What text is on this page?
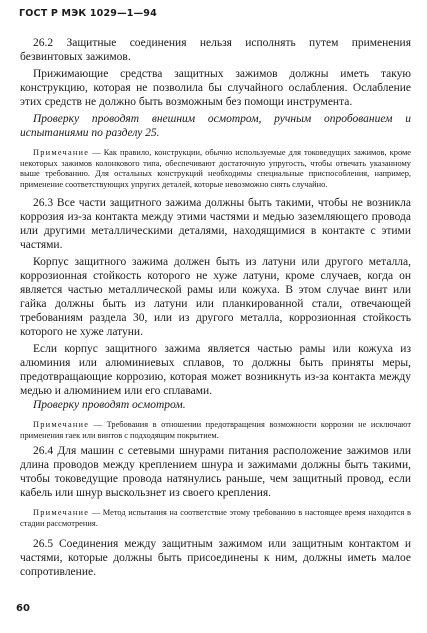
ГОСТ Р МЭК 1029—1—94

26.2 Защитные соединения нельзя исполнять путем применения безвинтовых зажимов.

Прижимающие средства защитных зажимов должны иметь такую конструкцию, которая не позволила бы случайного ослабления. Ослабление этих средств не должно быть возможным без помощи инструмента.

Проверку проводят внешним осмотром, ручным опробованием и испытаниями по разделу 25.

Примечание — Как правило, конструкции, обычно используемые для токоведущих зажимов, кроме некоторых зажимов колонкового типа, обеспечивают достаточную упругость, чтобы отвечать указанному выше требованию. Для остальных конструкций необходимы специальные приспособления, например, применение соответствующих упругих деталей, которые невозможно снять случайно.

26.3 Все части защитного зажима должны быть такими, чтобы не возникла коррозия из-за контакта между этими частями и медью заземляющего провода или другими металлическими деталями, находящимися в контакте с этими частями.

Корпус защитного зажима должен быть из латуни или другого металла, коррозионная стойкость которого не хуже латуни, кроме случаев, когда он является частью металлической рамы или кожуха. В этом случае винт или гайка должны быть из латуни или планкированной стали, отвечающей требованиям раздела 30, или из другого металла, коррозионная стойкость которого не хуже латуни.

Если корпус защитного зажима является частью рамы или кожуха из алюминия или алюминиевых сплавов, то должны быть приняты меры, предотвращающие коррозию, которая может возникнуть из-за контакта между медью и алюминием или его сплавами.

Проверку проводят осмотром.

Примечание — Требования в отношении предотвращения возможности коррозии не исключают применения гаек или винтов с подходящим покрытием.

26.4 Для машин с сетевыми шнурами питания расположение зажимов или длина проводов между креплением шнура и зажимами должны быть такими, чтобы токоведущие провода натянулись раньше, чем защитный провод, если кабель или шнур выскользнет из своего крепления.

Примечание — Метод испытания на соответствие этому требованию в настоящее время находится в стадии рассмотрения.

26.5 Соединения между защитным зажимом или защитным контактом и частями, которые должны быть присоединены к ним, должны иметь малое сопротивление.

60
